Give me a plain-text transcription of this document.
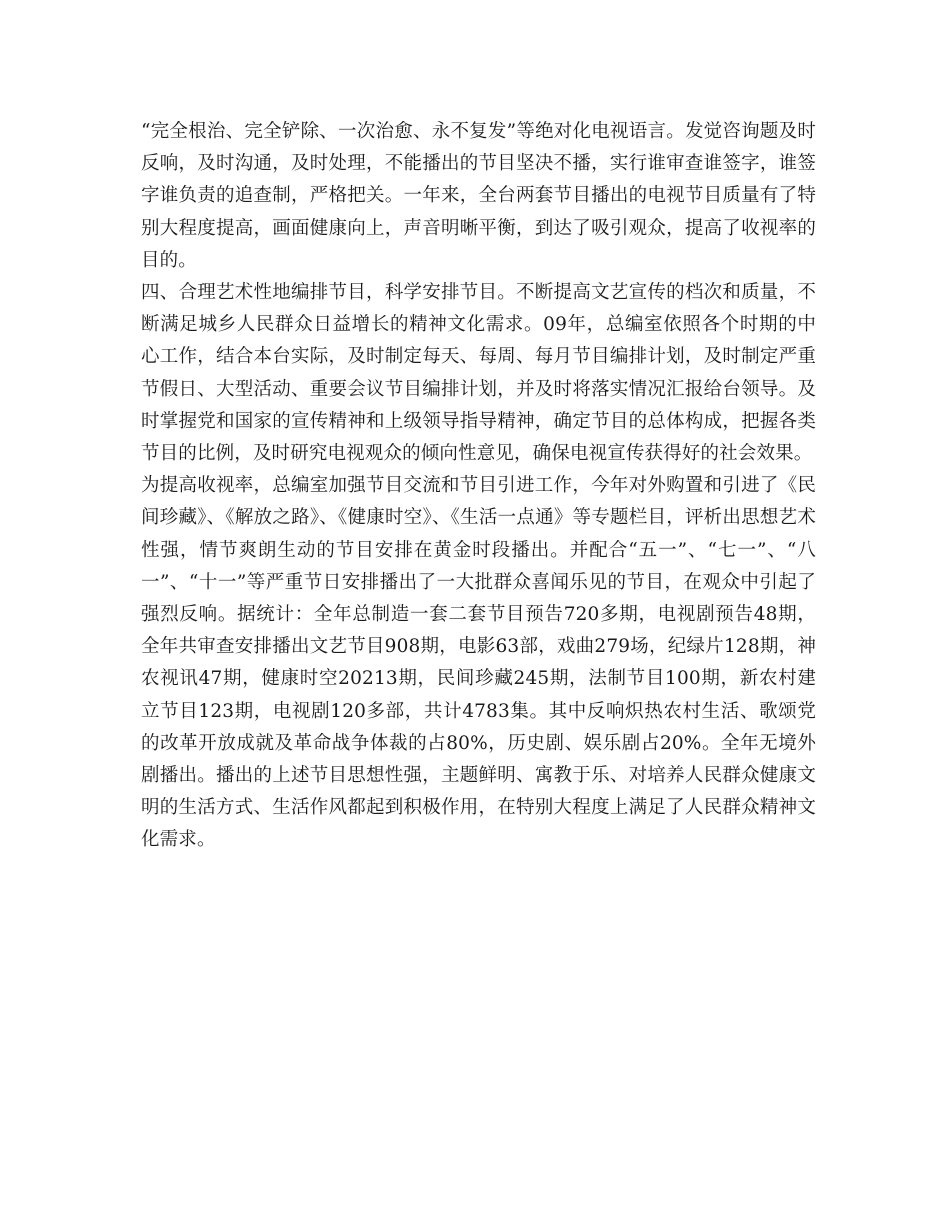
“完全根治、完全铲除、一次治愈、永不复发”等绝对化电视语言。发觉咨询题及时反响，及时沟通，及时处理，不能播出的节目坚决不播，实行谁审查谁签字，谁签字谁负责的追查制，严格把关。一年来，全台两套节目播出的电视节目质量有了特别大程度提高，画面健康向上，声音明晰平衡，到达了吸引观众，提高了收视率的目的。

四、合理艺术性地编排节目，科学安排节目。不断提高文艺宣传的档次和质量，不断满足城乡人民群众日益增长的精神文化需求。09年，总编室依照各个时期的中心工作，结合本台实际，及时制定每天、每周、每月节目编排计划，及时制定严重节假日、大型活动、重要会议节目编排计划，并及时将落实情况汇报给台领导。及时掌握党和国家的宣传精神和上级领导指导精神，确定节目的总体构成，把握各类节目的比例，及时研究电视观众的倾向性意见，确保电视宣传获得好的社会效果。

为提高收视率，总编室加强节目交流和节目引进工作，今年对外购置和引进了《民间珍藏》、《解放之路》、《健康时空》、《生活一点通》等专题栏目，评析出思想艺术性强，情节爽朗生动的节目安排在黄金时段播出。并配合“五一”、“七一”、“八一”、“十一”等严重节日安排播出了一大批群众喜闻乐见的节目，在观众中引起了强烈反响。据统计：全年总制造一套二套节目预告720多期，电视剧预告48期，全年共审查安排播出文艺节目908期，电影63部，戏曲279场，纪绿片128期，神农视讯47期，健康时空20213期，民间珍藏245期，法制节目100期，新农村建立节目123期，电视剧120多部，共计4783集。其中反响炽热农村生活、歌颂党的改革开放成就及革命战争体裁的占80%，历史剧、娱乐剧占20%。全年无境外剧播出。播出的上述节目思想性强，主题鲜明、寓教于乐、对培养人民群众健康文明的生活方式、生活作风都起到积极作用，在特别大程度上满足了人民群众精神文化需求。
